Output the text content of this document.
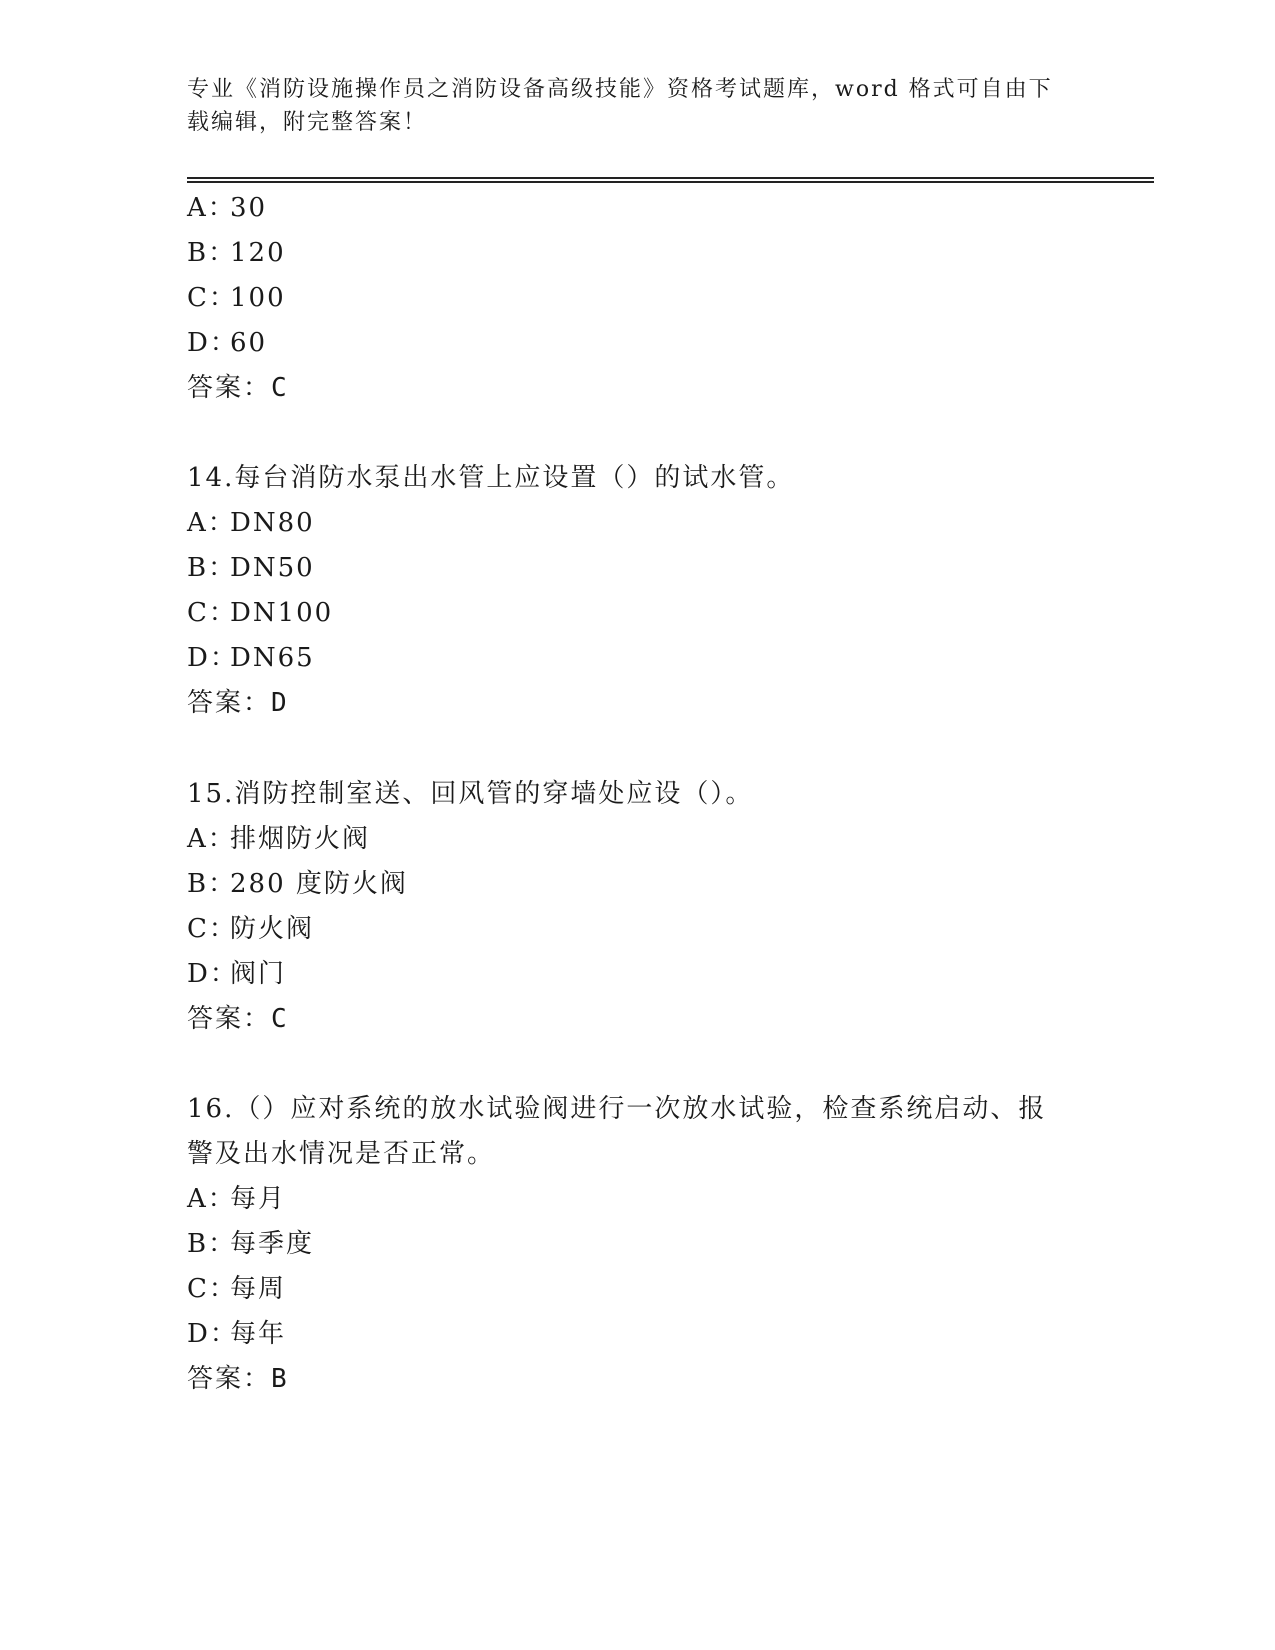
专业《消防设施操作员之消防设备高级技能》资格考试题库，word 格式可自由下
载编辑，附完整答案！
A：30
B：120
C：100
D：60
答案：C
14.每台消防水泵出水管上应设置（）的试水管。
A：DN80
B：DN50
C：DN100
D：DN65
答案：D
15.消防控制室送、回风管的穿墙处应设（）。
A：排烟防火阀
B：280 度防火阀
C：防火阀
D：阀门
答案：C
16.（）应对系统的放水试验阀进行一次放水试验，检查系统启动、报
警及出水情况是否正常。
A：每月
B：每季度
C：每周
D：每年
答案：B
